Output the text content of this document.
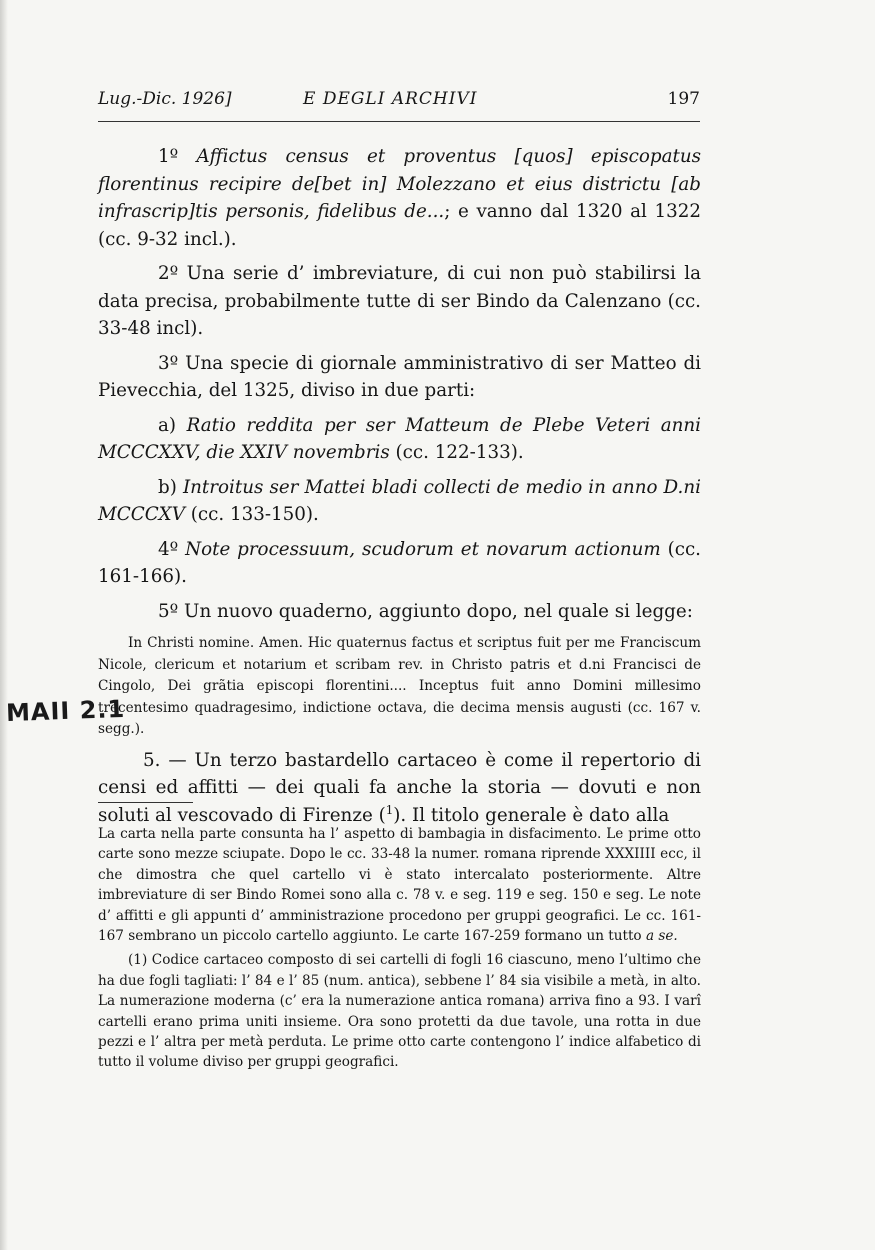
Lug.-Dic. 1926]	E DEGLI ARCHIVI	197

1º Affictus census et proventus [quos] episcopatus florentinus recipire de[bet in] Molezzano et eius districtu [ab infrascrip]tis personis, fidelibus de...; e vanno dal 1320 al 1322 (cc. 9-32 incl.).

2º Una serie d’ imbreviature, di cui non può stabilirsi la data precisa, probabilmente tutte di ser Bindo da Calenzano (cc. 33-48 incl).

3º Una specie di giornale amministrativo di ser Matteo di Pievecchia, del 1325, diviso in due parti:

a) Ratio reddita per ser Matteum de Plebe Veteri anni MCCCXXV, die XXIV novembris (cc. 122-133).

b) Introitus ser Mattei bladi collecti de medio in anno D.ni MCCCXV (cc. 133-150).

4º Note processuum, scudorum et novarum actionum (cc. 161-166).

5º Un nuovo quaderno, aggiunto dopo, nel quale si legge:

In Christi nomine. Amen. Hic quaternus factus et scriptus fuit per me Franciscum Nicole, clericum et notarium et scribam rev. in Christo patris et d.ni Francisci de Cingolo, Dei grãtia episcopi florentini.... Inceptus fuit anno Domini millesimo trecentesimo quadragesimo, indictione octava, die decima mensis augusti (cc. 167 v. segg.).

5. — Un terzo bastardello cartaceo è come il repertorio di censi ed affitti — dei quali fa anche la storia — dovuti e non soluti al vescovado di Firenze ($^1$). Il titolo generale è dato alla

MAII 2.1

La carta nella parte consunta ha l’ aspetto di bambagia in disfacimento. Le prime otto carte sono mezze sciupate. Dopo le cc. 33-48 la numer. romana riprende XXXIIII ecc, il che dimostra che quel cartello vi è stato intercalato posteriormente. Altre imbreviature di ser Bindo Romei sono alla c. 78 v. e seg. 119 e seg. 150 e seg. Le note d’ affitti e gli appunti d’ amministrazione procedono per gruppi geografici. Le cc. 161-167 sembrano un piccolo cartello aggiunto. Le carte 167-259 formano un tutto a se.

(1) Codice cartaceo composto di sei cartelli di fogli 16 ciascuno, meno l’ultimo che ha due fogli tagliati: l’ 84 e l’ 85 (num. antica), sebbene l’ 84 sia visibile a metà, in alto. La numerazione moderna (c’ era la numerazione antica romana) arriva fino a 93. I varî cartelli erano prima uniti insieme. Ora sono protetti da due tavole, una rotta in due pezzi e l’ altra per metà perduta. Le prime otto carte contengono l’ indice alfabetico di tutto il volume diviso per gruppi geografici.
